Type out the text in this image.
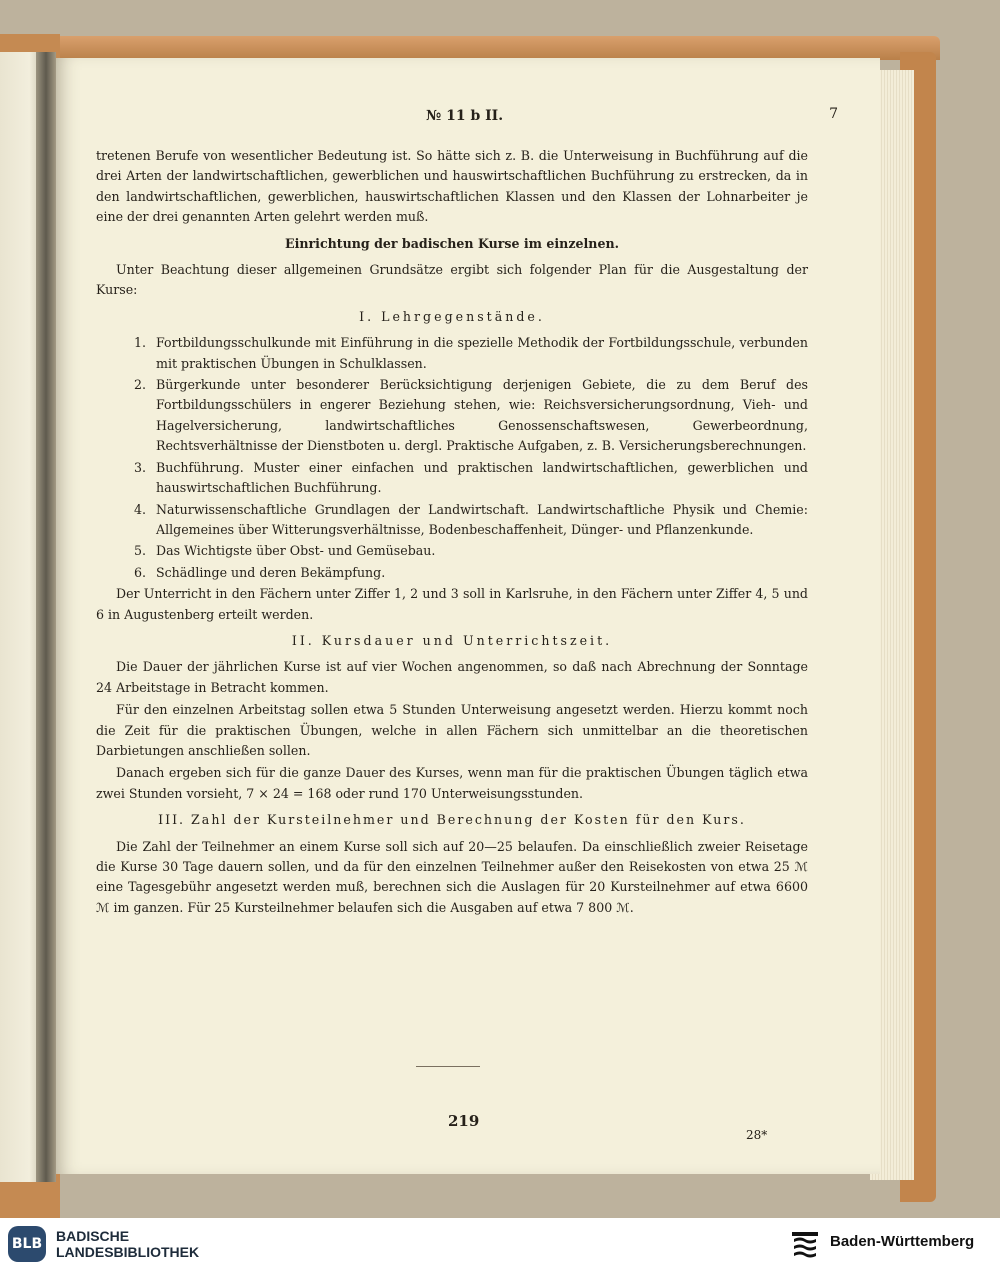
№ 11 b II.	7

tretenen Berufe von wesentlicher Bedeutung ist. So hätte sich z. B. die Unterweisung in Buchführung auf die drei Arten der landwirtschaftlichen, gewerblichen und hauswirtschaftlichen Buchführung zu erstrecken, da in den landwirtschaftlichen, gewerblichen, hauswirtschaftlichen Klassen und den Klassen der Lohnarbeiter je eine der drei genannten Arten gelehrt werden muß.

Einrichtung der badischen Kurse im einzelnen.

Unter Beachtung dieser allgemeinen Grundsätze ergibt sich folgender Plan für die Ausgestaltung der Kurse:

I. Lehrgegenstände.
1. Fortbildungsschulkunde mit Einführung in die spezielle Methodik der Fortbildungsschule, verbunden mit praktischen Übungen in Schulklassen.
2. Bürgerkunde unter besonderer Berücksichtigung derjenigen Gebiete, die zu dem Beruf des Fortbildungsschülers in engerer Beziehung stehen, wie: Reichsversicherungsordnung, Vieh- und Hagelversicherung, landwirtschaftliches Genossenschaftswesen, Gewerbeordnung, Rechtsverhältnisse der Dienstboten u. dergl. Praktische Aufgaben, z. B. Versicherungsberechnungen.
3. Buchführung. Muster einer einfachen und praktischen landwirtschaftlichen, gewerblichen und hauswirtschaftlichen Buchführung.
4. Naturwissenschaftliche Grundlagen der Landwirtschaft. Landwirtschaftliche Physik und Chemie: Allgemeines über Witterungsverhältnisse, Bodenbeschaffenheit, Dünger- und Pflanzenkunde.
5. Das Wichtigste über Obst- und Gemüsebau.
6. Schädlinge und deren Bekämpfung.

Der Unterricht in den Fächern unter Ziffer 1, 2 und 3 soll in Karlsruhe, in den Fächern unter Ziffer 4, 5 und 6 in Augustenberg erteilt werden.

II. Kursdauer und Unterrichtszeit.

Die Dauer der jährlichen Kurse ist auf vier Wochen angenommen, so daß nach Abrechnung der Sonntage 24 Arbeitstage in Betracht kommen.

Für den einzelnen Arbeitstag sollen etwa 5 Stunden Unterweisung angesetzt werden. Hierzu kommt noch die Zeit für die praktischen Übungen, welche in allen Fächern sich unmittelbar an die theoretischen Darbietungen anschließen sollen.

Danach ergeben sich für die ganze Dauer des Kurses, wenn man für die praktischen Übungen täglich etwa zwei Stunden vorsieht, 7 × 24 = 168 oder rund 170 Unterweisungsstunden.

III. Zahl der Kursteilnehmer und Berechnung der Kosten für den Kurs.

Die Zahl der Teilnehmer an einem Kurse soll sich auf 20—25 belaufen. Da einschließlich zweier Reisetage die Kurse 30 Tage dauern sollen, und da für den einzelnen Teilnehmer außer den Reisekosten von etwa 25 ℳ eine Tagesgebühr angesetzt werden muß, berechnen sich die Auslagen für 20 Kursteilnehmer auf etwa 6600 ℳ im ganzen. Für 25 Kursteilnehmer belaufen sich die Ausgaben auf etwa 7 800 ℳ.

219
28*
BLB BADISCHE
LANDESBIBLIOTHEK
Baden-Württemberg
